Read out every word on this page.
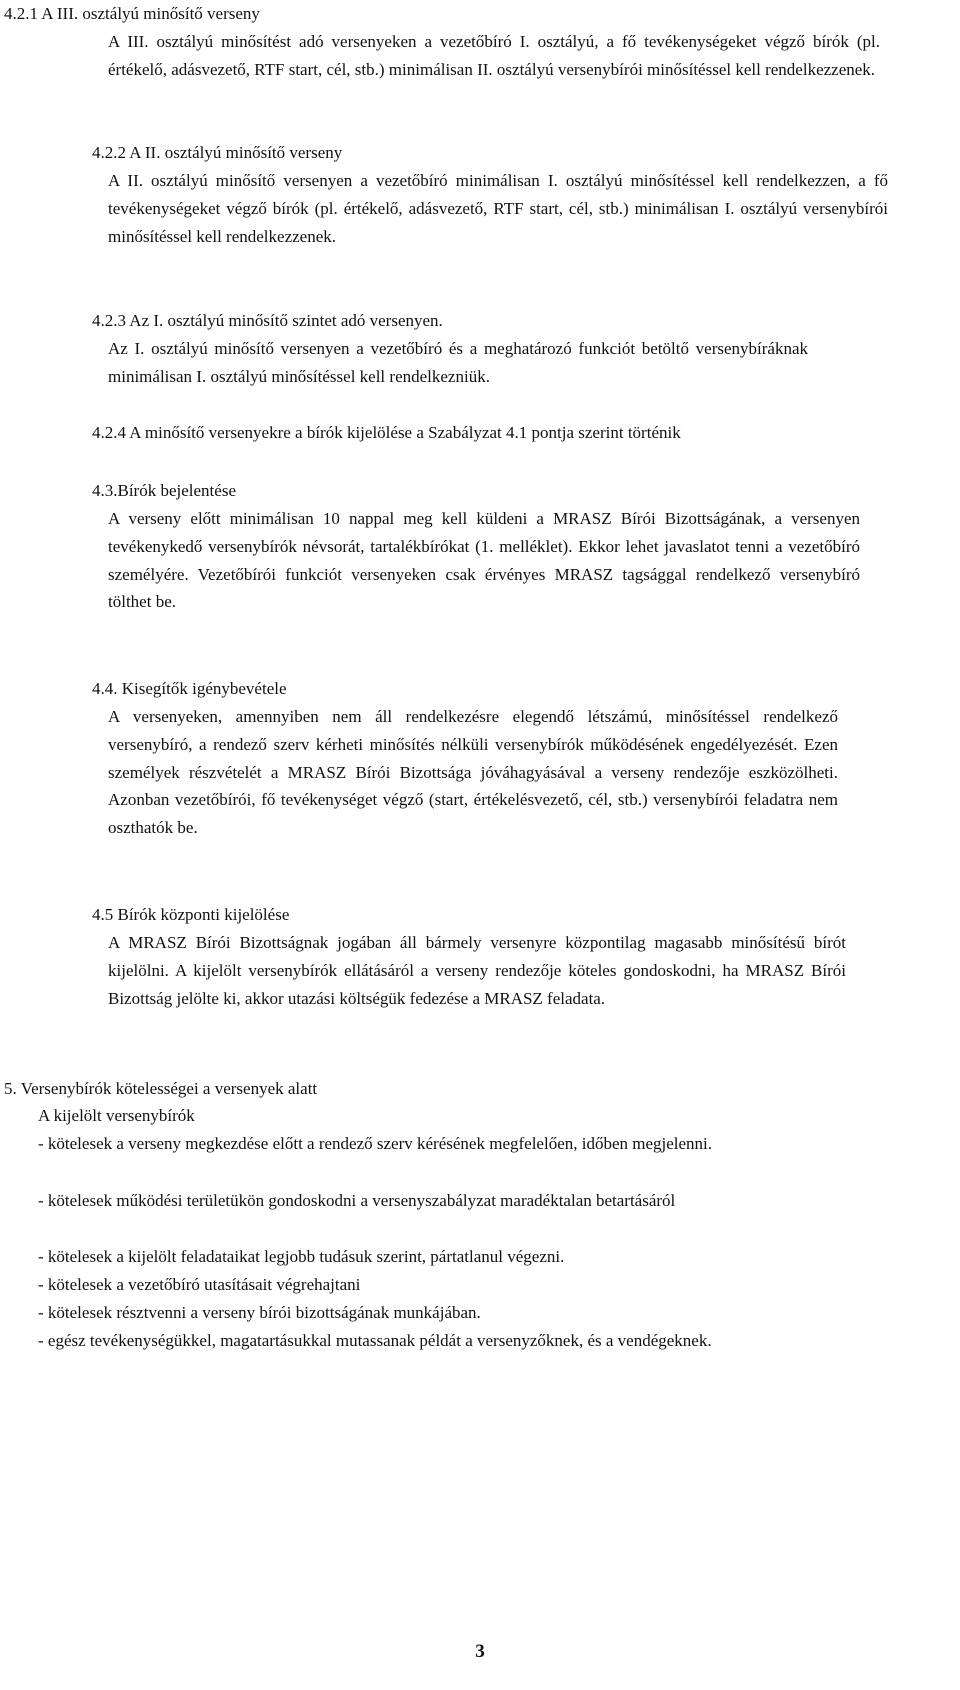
4.2.1 A III. osztályú minősítő verseny

A III. osztályú minősítést adó versenyeken a vezetőbíró I. osztályú, a fő tevékenységeket végző bírók (pl. értékelő, adásvezető, RTF start, cél, stb.) minimálisan II. osztályú versenybírói minősítéssel kell rendelkezzenek.

4.2.2 A II. osztályú minősítő verseny

A II. osztályú minősítő versenyen a vezetőbíró minimálisan I. osztályú minősítéssel kell rendelkezzen, a fő tevékenységeket végző bírók (pl. értékelő, adásvezető, RTF start, cél, stb.) minimálisan I. osztályú versenybírói minősítéssel kell rendelkezzenek.

4.2.3 Az I. osztályú minősítő szintet adó versenyen.

Az I. osztályú minősítő versenyen a vezetőbíró és a meghatározó funkciót betöltő versenybíráknak minimálisan I. osztályú minősítéssel kell rendelkezniük.

4.2.4 A minősítő versenyekre a bírók kijelölése a Szabályzat 4.1 pontja szerint történik
4.3.Bírók bejelentése

A verseny előtt minimálisan 10 nappal meg kell küldeni a MRASZ Bírói Bizottságának, a versenyen tevékenykedő versenybírók névsorát, tartalékbírókat (1. melléklet). Ekkor lehet javaslatot tenni a vezetőbíró személyére. Vezetőbírói funkciót versenyeken csak érvényes MRASZ tagsággal rendelkező versenybíró tölthet be.

4.4. Kisegítők igénybevétele

A versenyeken, amennyiben nem áll rendelkezésre elegendő létszámú, minősítéssel rendelkező versenybíró, a rendező szerv kérheti minősítés nélküli versenybírók működésének engedélyezését. Ezen személyek részvételét a MRASZ Bírói Bizottsága jóváhagyásával a verseny rendezője eszközölheti. Azonban vezetőbírói, fő tevékenységet végző (start, értékelésvezető, cél, stb.) versenybírói feladatra nem oszthatók be.

4.5 Bírók központi kijelölése

A MRASZ Bírói Bizottságnak jogában áll bármely versenyre központilag magasabb minősítésű bírót kijelölni. A kijelölt versenybírók ellátásáról a verseny rendezője köteles gondoskodni, ha MRASZ Bírói Bizottság jelölte ki, akkor utazási költségük fedezése a MRASZ feladata.

5. Versenybírók kötelességei a versenyek alatt
A kijelölt versenybírók

- kötelesek a verseny megkezdése előtt a rendező szerv kérésének megfelelően, időben megjelenni.

- kötelesek működési területükön gondoskodni a versenyszabályzat maradéktalan betartásáról

- kötelesek a kijelölt feladataikat legjobb tudásuk szerint, pártatlanul végezni.

- kötelesek a vezetőbíró utasításait végrehajtani

- kötelesek résztvenni a verseny bírói bizottságának munkájában.

- egész tevékenységükkel, magatartásukkal mutassanak példát a versenyzőknek, és a vendégeknek.

3
